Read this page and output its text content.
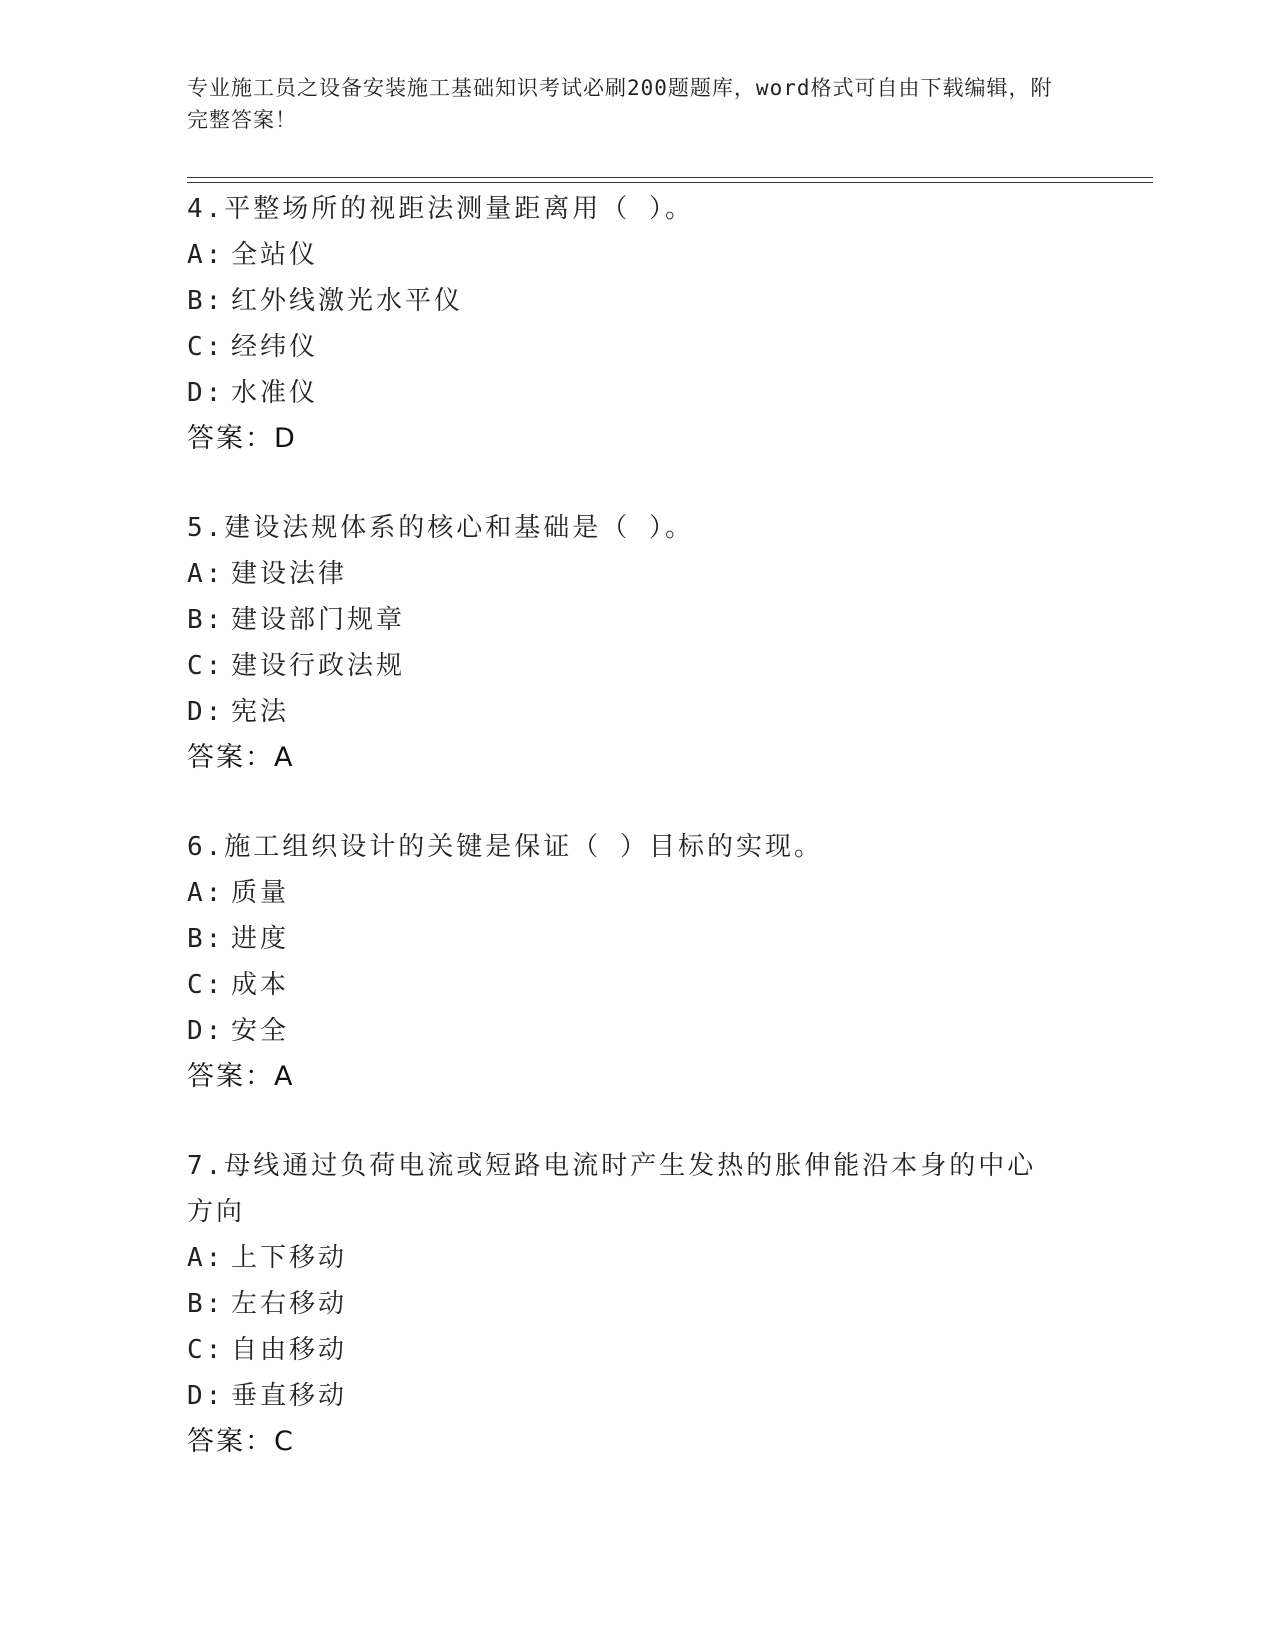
专业施工员之设备安装施工基础知识考试必刷200题题库，word格式可自由下载编辑，附完整答案！
4.平整场所的视距法测量距离用（ ）。
A: 全站仪
B: 红外线激光水平仪
C: 经纬仪
D: 水准仪
答案：D
5.建设法规体系的核心和基础是（ ）。
A: 建设法律
B: 建设部门规章
C: 建设行政法规
D: 宪法
答案：A
6.施工组织设计的关键是保证（ ）目标的实现。
A: 质量
B: 进度
C: 成本
D: 安全
答案：A
7.母线通过负荷电流或短路电流时产生发热的胀伸能沿本身的中心方向
A: 上下移动
B: 左右移动
C: 自由移动
D: 垂直移动
答案：C
